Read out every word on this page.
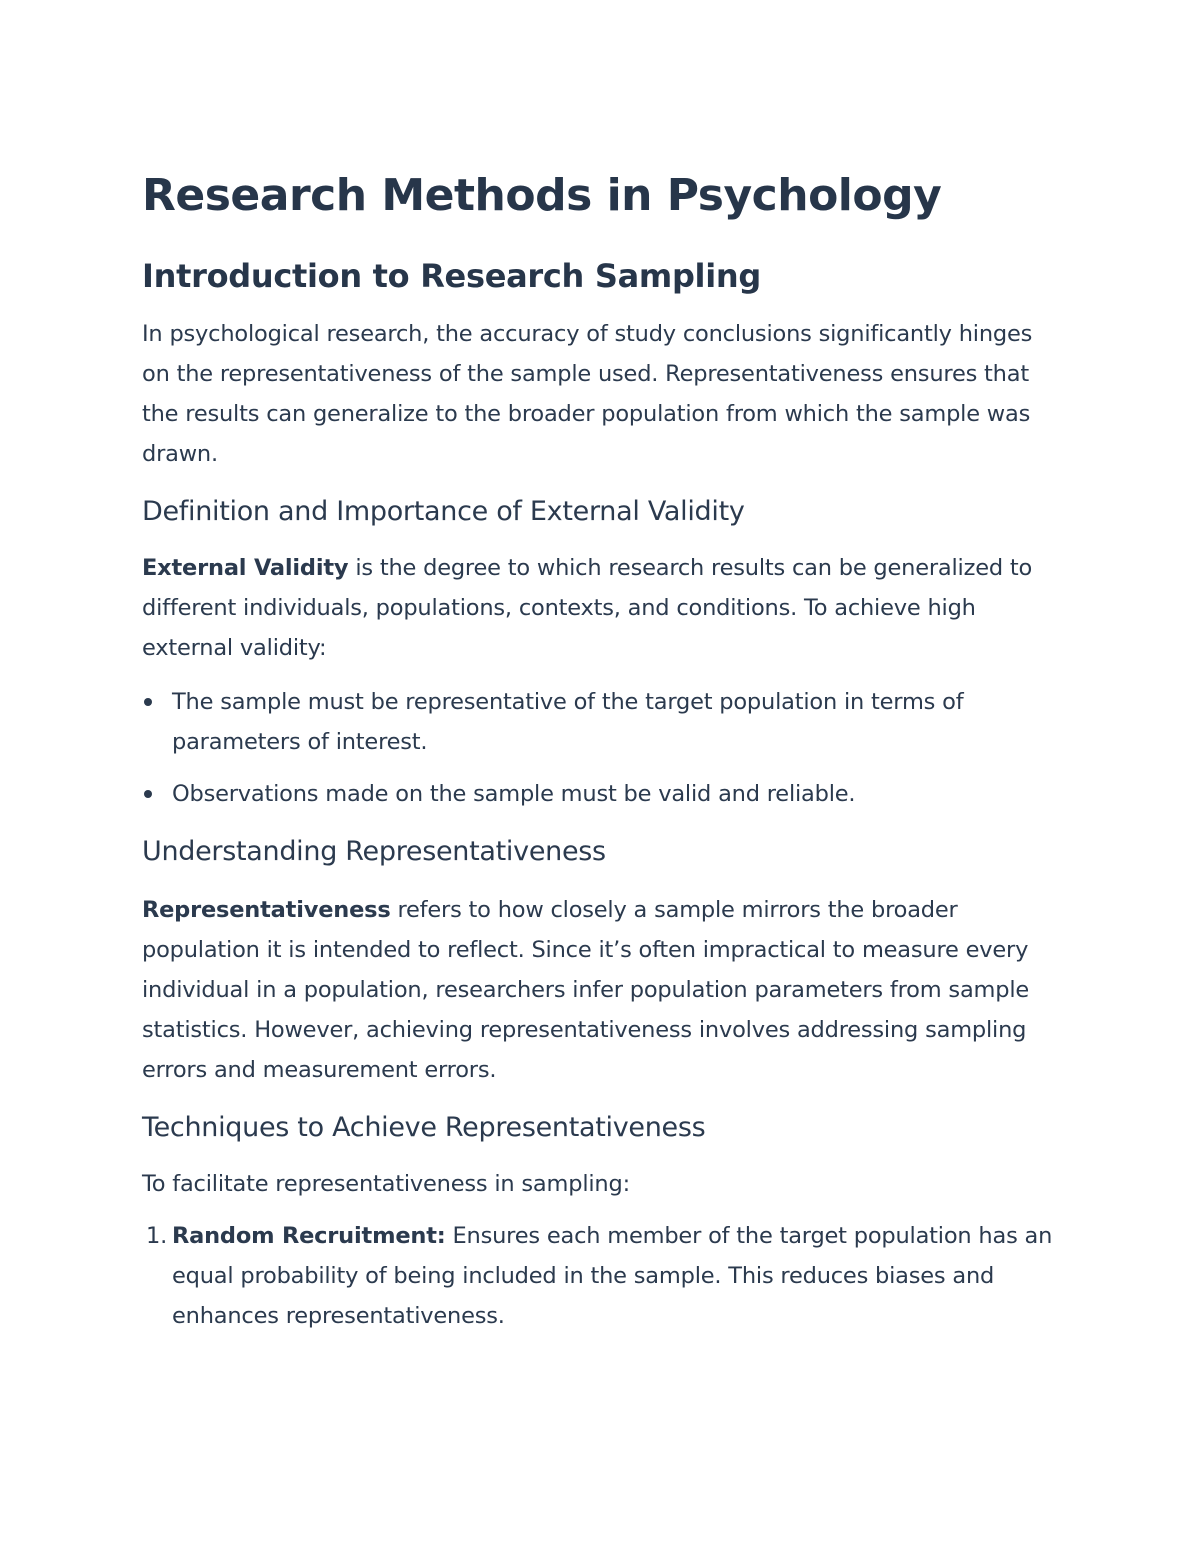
Research Methods in Psychology
Introduction to Research Sampling

In psychological research, the accuracy of study conclusions significantly hinges on the representativeness of the sample used. Representativeness ensures that the results can generalize to the broader population from which the sample was drawn.

Definition and Importance of External Validity

External Validity is the degree to which research results can be generalized to different individuals, populations, contexts, and conditions. To achieve high external validity:

The sample must be representative of the target population in terms of parameters of interest.
Observations made on the sample must be valid and reliable.
Understanding Representativeness

Representativeness refers to how closely a sample mirrors the broader population it is intended to reflect. Since it’s often impractical to measure every individual in a population, researchers infer population parameters from sample statistics. However, achieving representativeness involves addressing sampling errors and measurement errors.

Techniques to Achieve Representativeness

To facilitate representativeness in sampling:

1. Random Recruitment: Ensures each member of the target population has an equal probability of being included in the sample. This reduces biases and enhances representativeness.
